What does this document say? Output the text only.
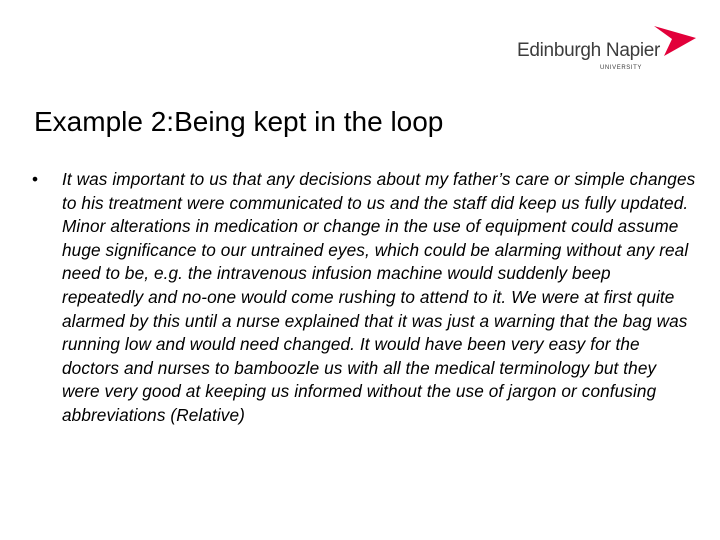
Edinburgh Napier
UNIVERSITY
Example 2:Being kept in the loop
• It was important to us that any decisions about my father’s care or simple changes to his treatment were communicated to us and the staff did keep us fully updated. Minor alterations in medication or change in the use of equipment could assume huge significance to our untrained eyes, which could be alarming without any real need to be, e.g. the intravenous infusion machine would suddenly beep repeatedly and no-one would come rushing to attend to it. We were at first quite alarmed by this until a nurse explained that it was just a warning that the bag was running low and would need changed. It would have been very easy for the doctors and nurses to bamboozle us with all the medical terminology but they were very good at keeping us informed without the use of jargon or confusing abbreviations (Relative)
